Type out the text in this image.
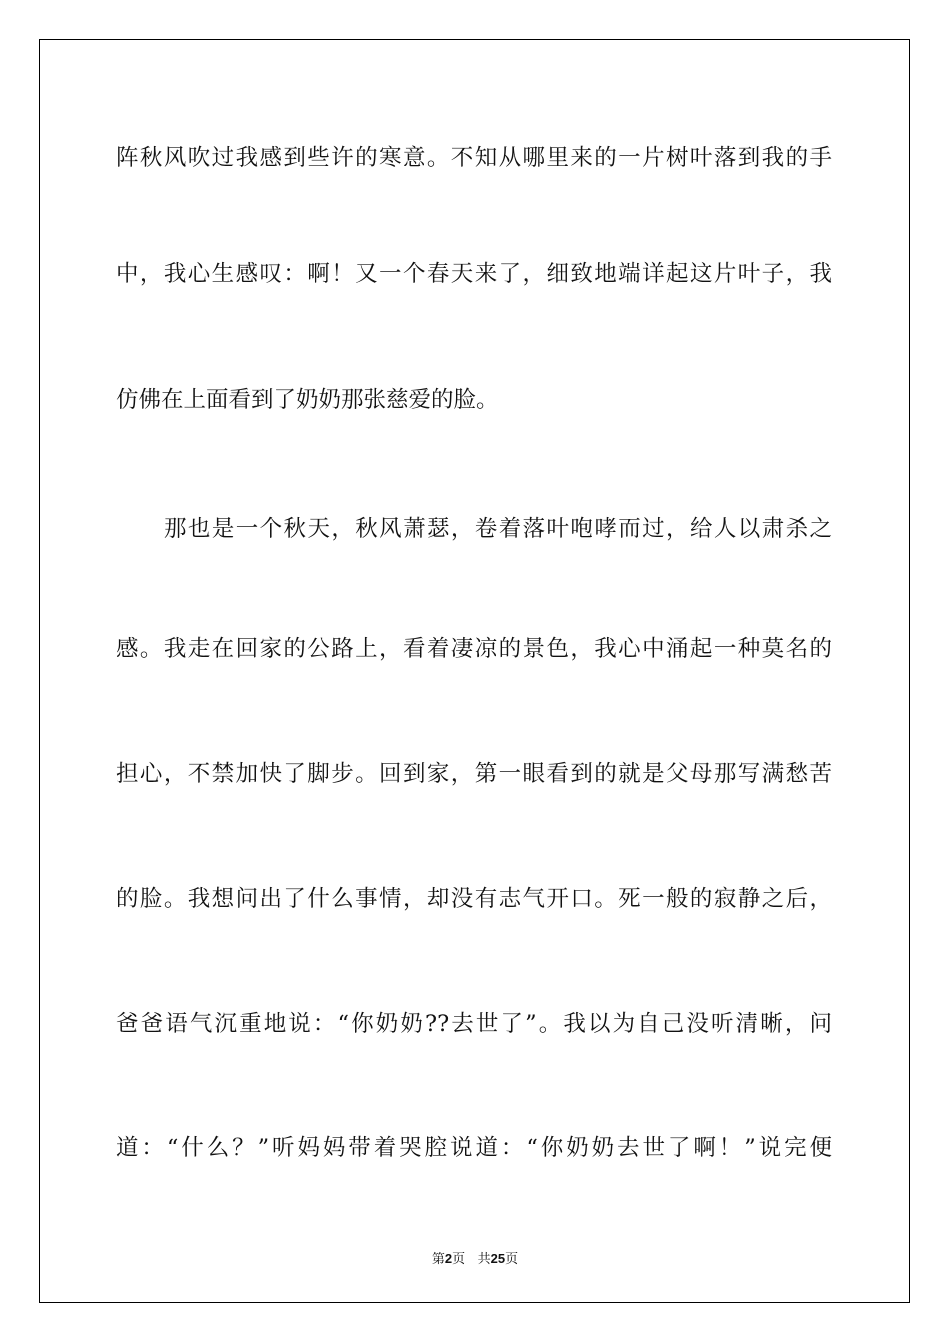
阵秋风吹过我感到些许的寒意。不知从哪里来的一片树叶落到我的手
中，我心生感叹：啊！又一个春天来了，细致地端详起这片叶子，我
仿佛在上面看到了奶奶那张慈爱的脸。
那也是一个秋天，秋风萧瑟，卷着落叶咆哮而过，给人以肃杀之
感。我走在回家的公路上，看着凄凉的景色，我心中涌起一种莫名的
担心，不禁加快了脚步。回到家，第一眼看到的就是父母那写满愁苦
的脸。我想问出了什么事情，却没有志气开口。死一般的寂静之后，
爸爸语气沉重地说：“你奶奶??去世了”。我以为自己没听清晰，问
道：“什么？”听妈妈带着哭腔说道：“你奶奶去世了啊！”说完便
第2页 共25页
